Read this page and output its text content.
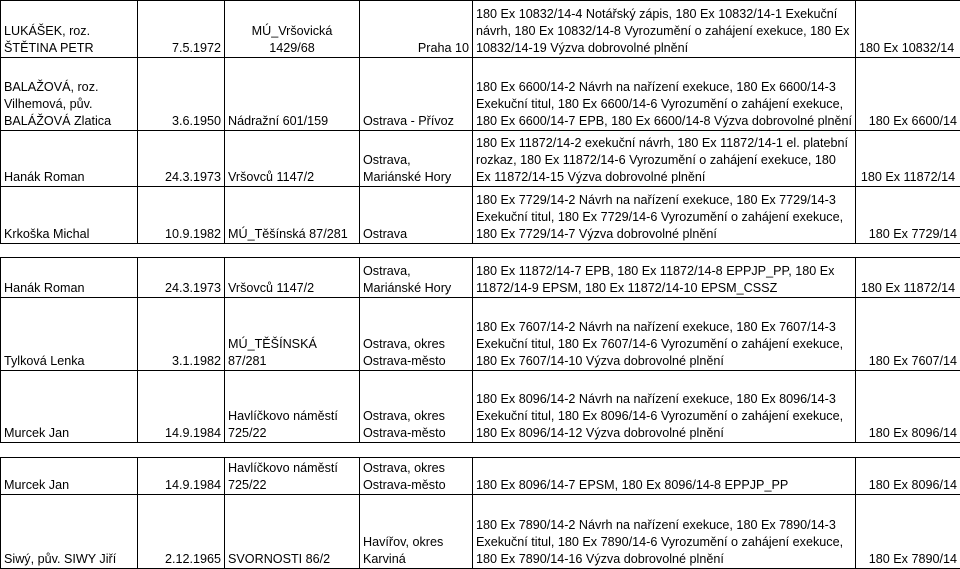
LUKÁŠEK, roz. ŠTĚTINA PETR	7.5.1972	MÚ_Vršovická 1429/68	Praha 10	180 Ex 10832/14-4 Notářský zápis, 180 Ex 10832/14-1 Exekuční návrh, 180 Ex 10832/14-8 Vyrozumění o zahájení exekuce, 180 Ex 10832/14-19 Výzva dobrovolné plnění	180 Ex 10832/14
BALAŽOVÁ, roz. Vilhemová, pův. BALÁŽOVÁ Zlatica	3.6.1950	Nádražní 601/159	Ostrava - Přívoz	180 Ex 6600/14-2 Návrh na nařízení exekuce, 180 Ex 6600/14-3 Exekuční titul, 180 Ex 6600/14-6 Vyrozumění o zahájení exekuce, 180 Ex 6600/14-7 EPB, 180 Ex 6600/14-8 Výzva dobrovolné plnění	180 Ex 6600/14
Hanák Roman	24.3.1973	Vršovců 1147/2	Ostrava, Mariánské Hory	180 Ex 11872/14-2 exekuční návrh, 180 Ex 11872/14-1 el. platební rozkaz, 180 Ex 11872/14-6 Vyrozumění o zahájení exekuce, 180 Ex 11872/14-15 Výzva dobrovolné plnění	180 Ex 11872/14
Krkoška Michal	10.9.1982	MÚ_Těšínská 87/281	Ostrava	180 Ex 7729/14-2 Návrh na nařízení exekuce, 180 Ex 7729/14-3 Exekuční titul, 180 Ex 7729/14-6 Vyrozumění o zahájení exekuce, 180 Ex 7729/14-7 Výzva dobrovolné plnění	180 Ex 7729/14
Hanák Roman	24.3.1973	Vršovců 1147/2	Ostrava, Mariánské Hory	180 Ex 11872/14-7 EPB, 180 Ex 11872/14-8 EPPJP_PP, 180 Ex 11872/14-9 EPSM, 180 Ex 11872/14-10 EPSM_CSSZ	180 Ex 11872/14
Tylková Lenka	3.1.1982	MÚ_TĚŠÍNSKÁ 87/281	Ostrava, okres Ostrava-město	180 Ex 7607/14-2 Návrh na nařízení exekuce, 180 Ex 7607/14-3 Exekuční titul, 180 Ex 7607/14-6 Vyrozumění o zahájení exekuce, 180 Ex 7607/14-10 Výzva dobrovolné plnění	180 Ex 7607/14
Murcek Jan	14.9.1984	Havlíčkovo náměstí 725/22	Ostrava, okres Ostrava-město	180 Ex 8096/14-2 Návrh na nařízení exekuce, 180 Ex 8096/14-3 Exekuční titul, 180 Ex 8096/14-6 Vyrozumění o zahájení exekuce, 180 Ex 8096/14-12 Výzva dobrovolné plnění	180 Ex 8096/14
Murcek Jan	14.9.1984	Havlíčkovo náměstí 725/22	Ostrava, okres Ostrava-město	180 Ex 8096/14-7 EPSM, 180 Ex 8096/14-8 EPPJP_PP	180 Ex 8096/14
Siwý, pův. SIWY Jiří	2.12.1965	SVORNOSTI 86/2	Havířov, okres Karviná	180 Ex 7890/14-2 Návrh na nařízení exekuce, 180 Ex 7890/14-3 Exekuční titul, 180 Ex 7890/14-6 Vyrozumění o zahájení exekuce, 180 Ex 7890/14-16 Výzva dobrovolné plnění	180 Ex 7890/14
